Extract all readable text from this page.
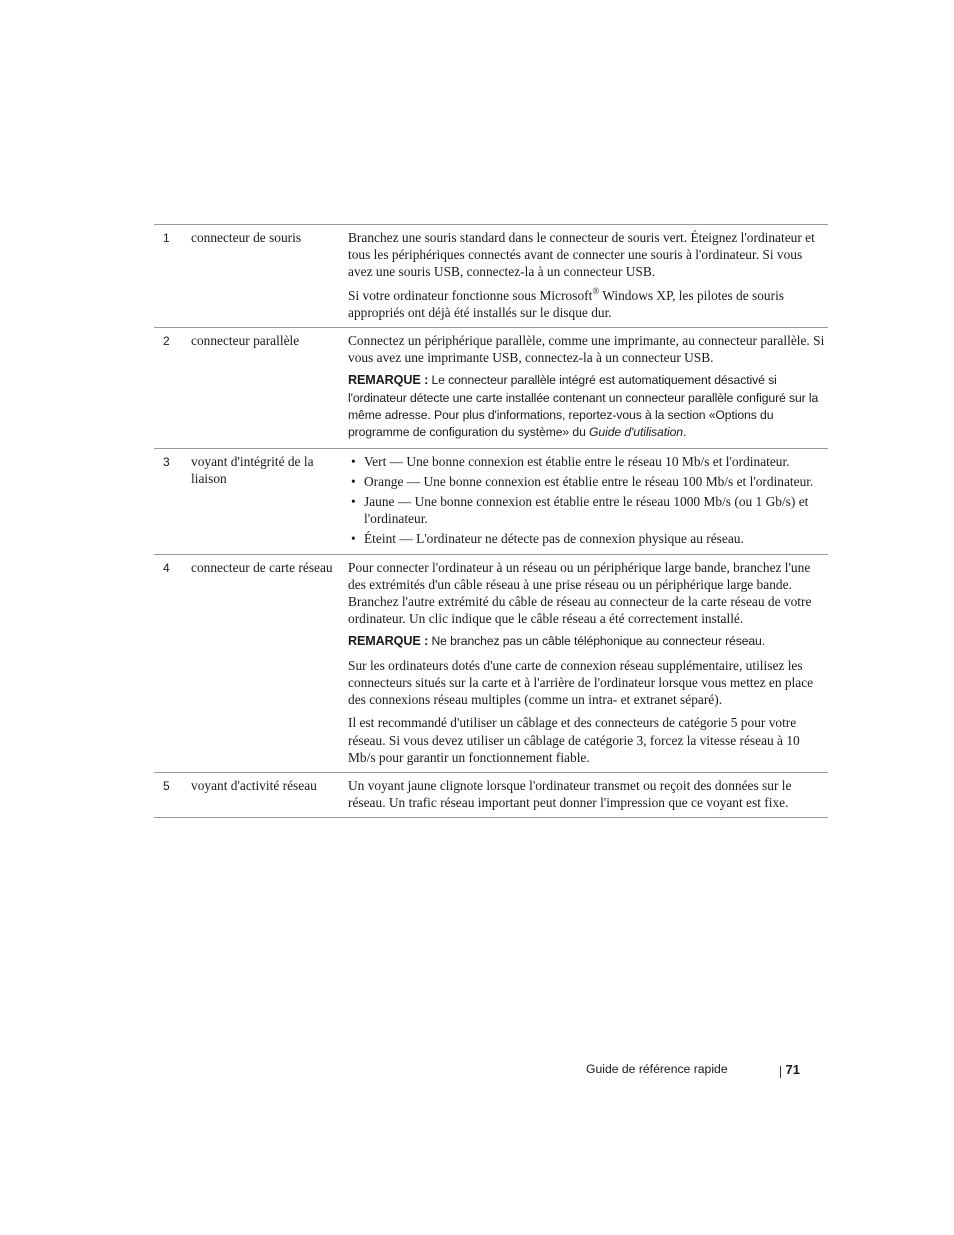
1	connecteur de souris	Branchez une souris standard dans le connecteur de souris vert. Éteignez l'ordinateur et tous les périphériques connectés avant de connecter une souris à l'ordinateur. Si vous avez une souris USB, connectez-la à un connecteur USB.

Si votre ordinateur fonctionne sous Microsoft® Windows XP, les pilotes de souris appropriés ont déjà été installés sur le disque dur.

2	connecteur parallèle	Connectez un périphérique parallèle, comme une imprimante, au connecteur parallèle. Si vous avez une imprimante USB, connectez-la à un connecteur USB.

REMARQUE : Le connecteur parallèle intégré est automatiquement désactivé si l'ordinateur détecte une carte installée contenant un connecteur parallèle configuré sur la même adresse. Pour plus d'informations, reportez-vous à la section «Options du programme de configuration du système» du Guide d'utilisation.

3	voyant d'intégrité de la liaison
• Vert — Une bonne connexion est établie entre le réseau 10 Mb/s et l'ordinateur.
• Orange — Une bonne connexion est établie entre le réseau 100 Mb/s et l'ordinateur.
• Jaune — Une bonne connexion est établie entre le réseau 1000 Mb/s (ou 1 Gb/s) et l'ordinateur.
• Éteint — L'ordinateur ne détecte pas de connexion physique au réseau.
4	connecteur de carte réseau	Pour connecter l'ordinateur à un réseau ou un périphérique large bande, branchez l'une des extrémités d'un câble réseau à une prise réseau ou un périphérique large bande. Branchez l'autre extrémité du câble de réseau au connecteur de la carte réseau de votre ordinateur. Un clic indique que le câble réseau a été correctement installé.

REMARQUE : Ne branchez pas un câble téléphonique au connecteur réseau.

Sur les ordinateurs dotés d'une carte de connexion réseau supplémentaire, utilisez les connecteurs situés sur la carte et à l'arrière de l'ordinateur lorsque vous mettez en place des connexions réseau multiples (comme un intra- et extranet séparé).

Il est recommandé d'utiliser un câblage et des connecteurs de catégorie 5 pour votre réseau. Si vous devez utiliser un câblage de catégorie 3, forcez la vitesse réseau à 10 Mb/s pour garantir un fonctionnement fiable.

5	voyant d'activité réseau	Un voyant jaune clignote lorsque l'ordinateur transmet ou reçoit des données sur le réseau. Un trafic réseau important peut donner l'impression que ce voyant est fixe.

Guide de référence rapide	71
